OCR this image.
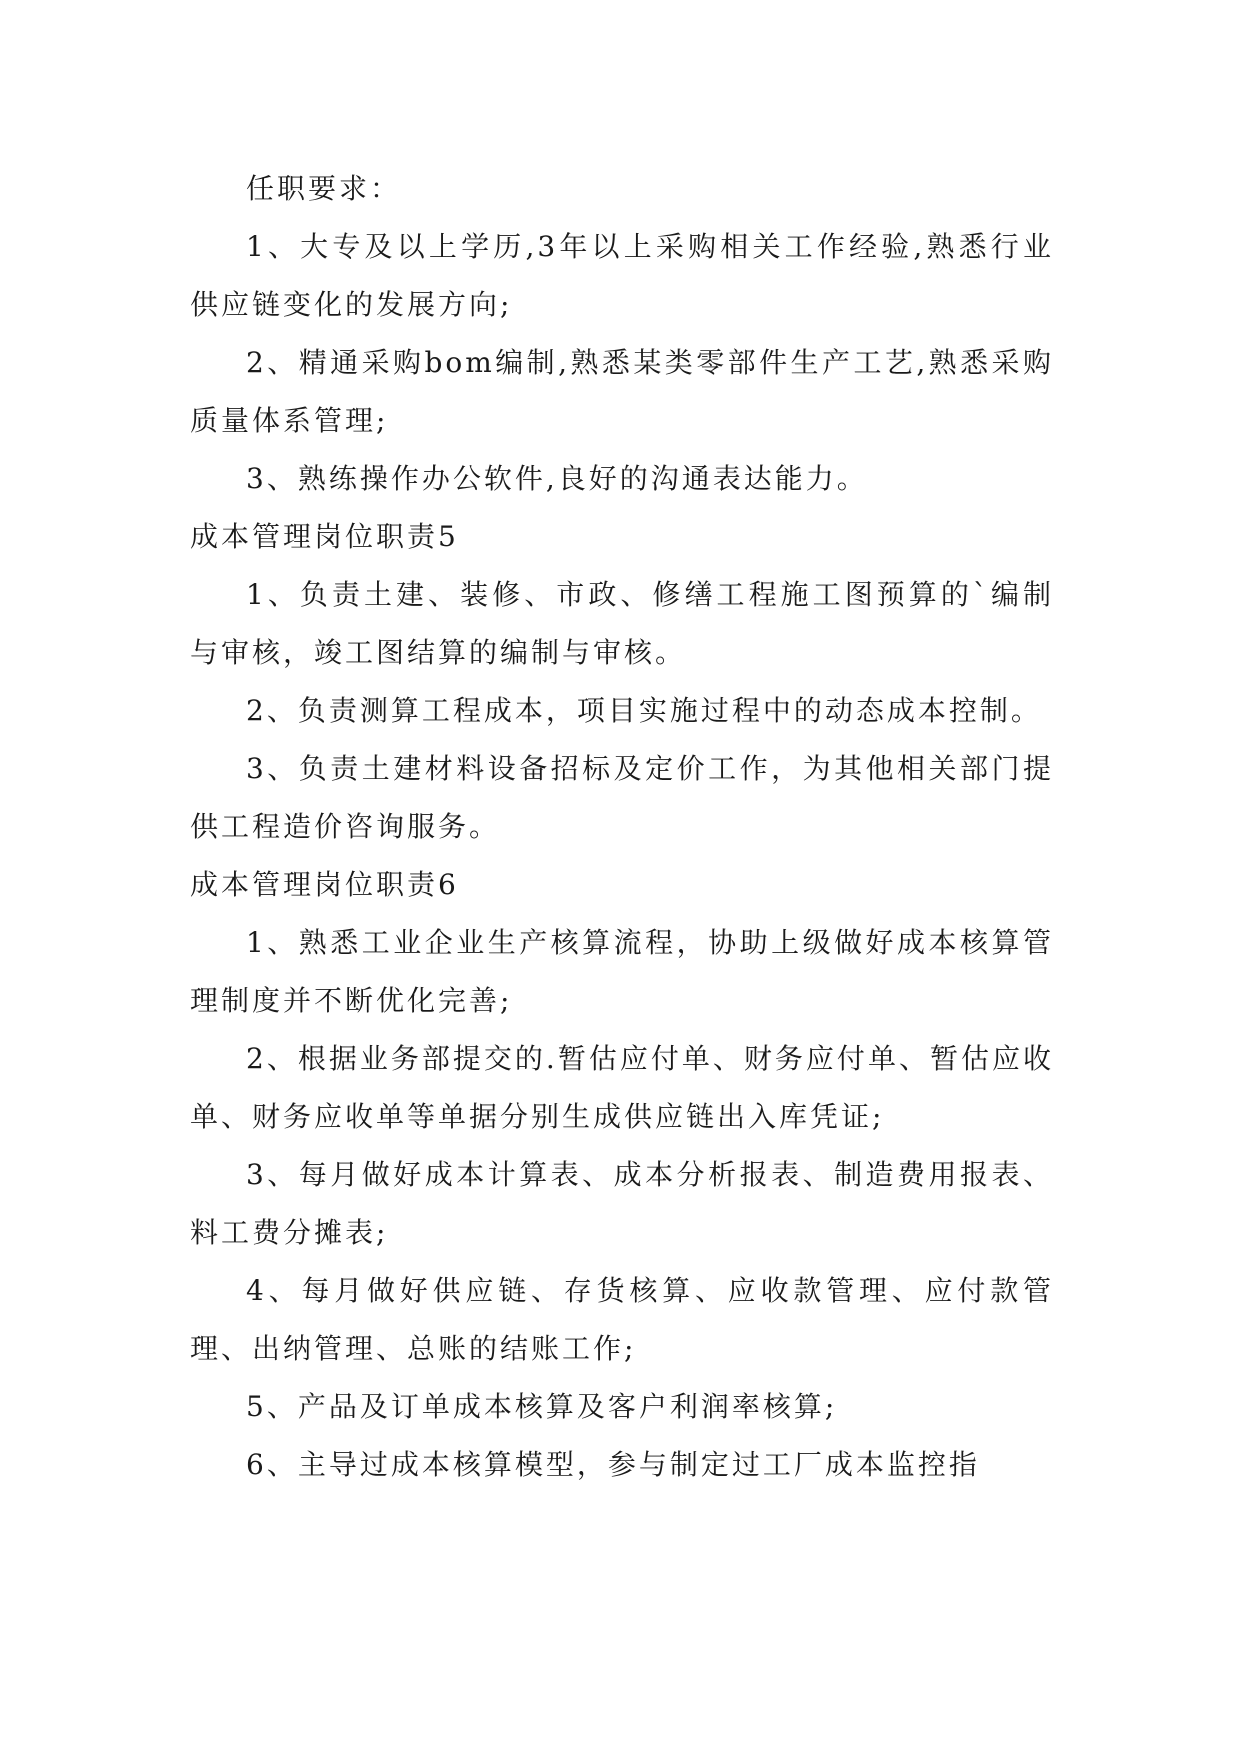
任职要求：

1、大专及以上学历,3年以上采购相关工作经验,熟悉行业供应链变化的发展方向;

2、精通采购bom编制,熟悉某类零部件生产工艺,熟悉采购质量体系管理;

3、熟练操作办公软件,良好的沟通表达能力。

成本管理岗位职责5

1、负责土建、装修、市政、修缮工程施工图预算的`编制与审核，竣工图结算的编制与审核。

2、负责测算工程成本，项目实施过程中的动态成本控制。

3、负责土建材料设备招标及定价工作，为其他相关部门提供工程造价咨询服务。

成本管理岗位职责6

1、熟悉工业企业生产核算流程，协助上级做好成本核算管理制度并不断优化完善;

2、根据业务部提交的.暂估应付单、财务应付单、暂估应收单、财务应收单等单据分别生成供应链出入库凭证;

3、每月做好成本计算表、成本分析报表、制造费用报表、料工费分摊表;

4、每月做好供应链、存货核算、应收款管理、应付款管理、出纳管理、总账的结账工作;

5、产品及订单成本核算及客户利润率核算;

6、主导过成本核算模型，参与制定过工厂成本监控指
